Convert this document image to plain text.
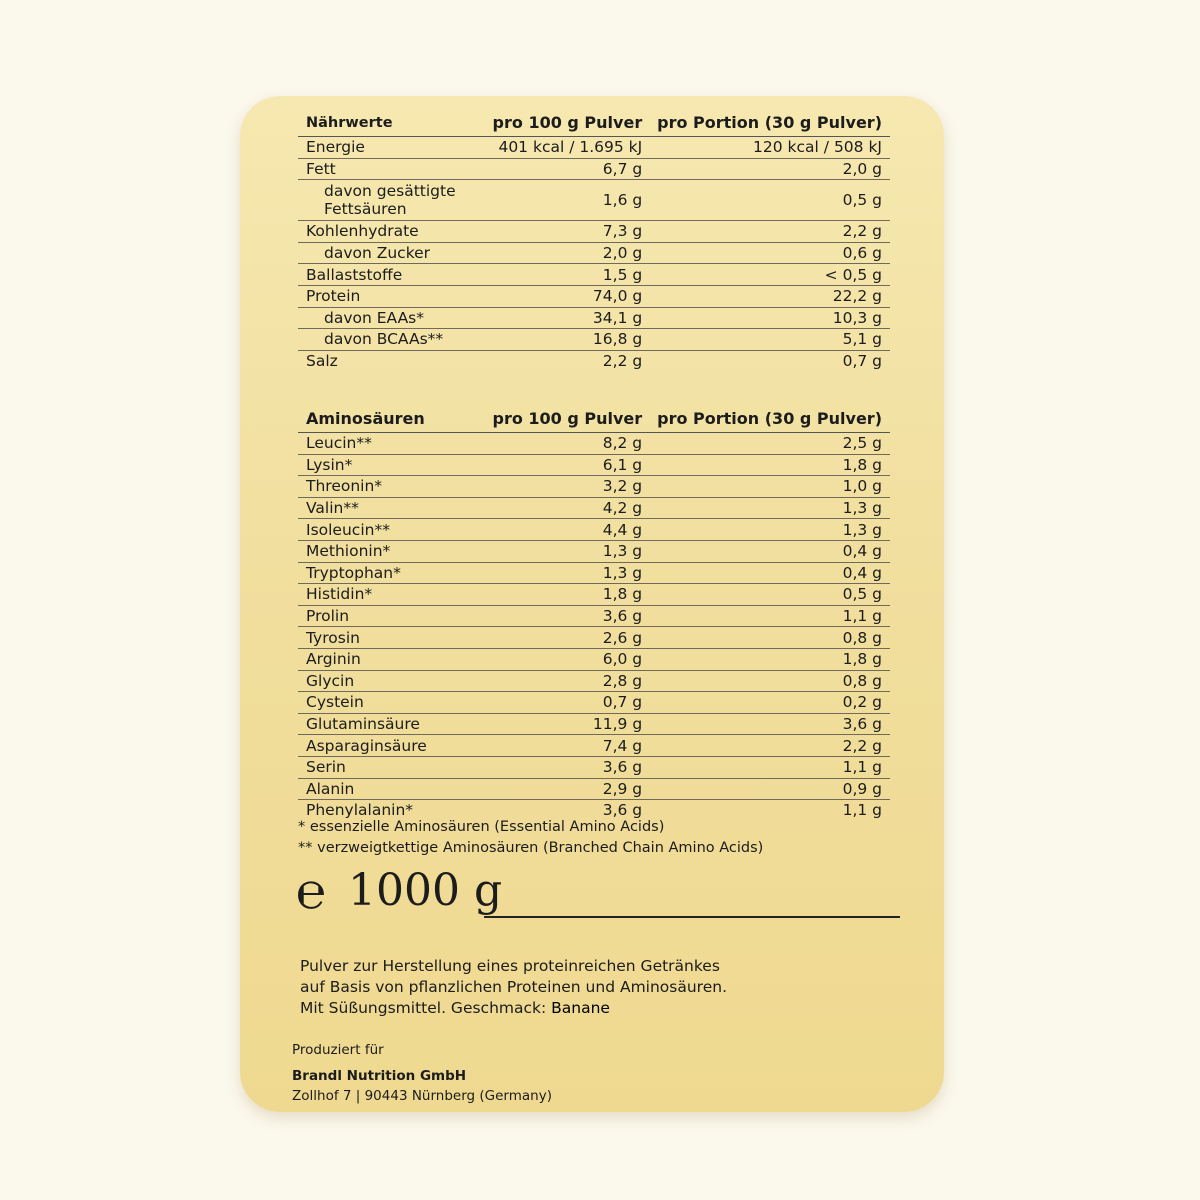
Nährwerte	pro 100 g Pulver	pro Portion (30 g Pulver)
Energie	401 kcal / 1.695 kJ	120 kcal / 508 kJ
Fett	6,7 g	2,0 g
davon gesättigte Fettsäuren	1,6 g	0,5 g
Kohlenhydrate	7,3 g	2,2 g
davon Zucker	2,0 g	0,6 g
Ballaststoffe	1,5 g	< 0,5 g
Protein	74,0 g	22,2 g
davon EAAs*	34,1 g	10,3 g
davon BCAAs**	16,8 g	5,1 g
Salz	2,2 g	0,7 g
Aminosäuren	pro 100 g Pulver	pro Portion (30 g Pulver)
Leucin**	8,2 g	2,5 g
Lysin*	6,1 g	1,8 g
Threonin*	3,2 g	1,0 g
Valin**	4,2 g	1,3 g
Isoleucin**	4,4 g	1,3 g
Methionin*	1,3 g	0,4 g
Tryptophan*	1,3 g	0,4 g
Histidin*	1,8 g	0,5 g
Prolin	3,6 g	1,1 g
Tyrosin	2,6 g	0,8 g
Arginin	6,0 g	1,8 g
Glycin	2,8 g	0,8 g
Cystein	0,7 g	0,2 g
Glutaminsäure	11,9 g	3,6 g
Asparaginsäure	7,4 g	2,2 g
Serin	3,6 g	1,1 g
Alanin	2,9 g	0,9 g
Phenylalanin*	3,6 g	1,1 g
* essenzielle Aminosäuren (Essential Amino Acids)
** verzweigtkettige Aminosäuren (Branched Chain Amino Acids)
℮ 1000 g
Pulver zur Herstellung eines proteinreichen Getränkes
auf Basis von pflanzlichen Proteinen und Aminosäuren.
Mit Süßungsmittel. Geschmack: Banane
Produziert für
Brandl Nutrition GmbH
Zollhof 7 | 90443 Nürnberg (Germany)
